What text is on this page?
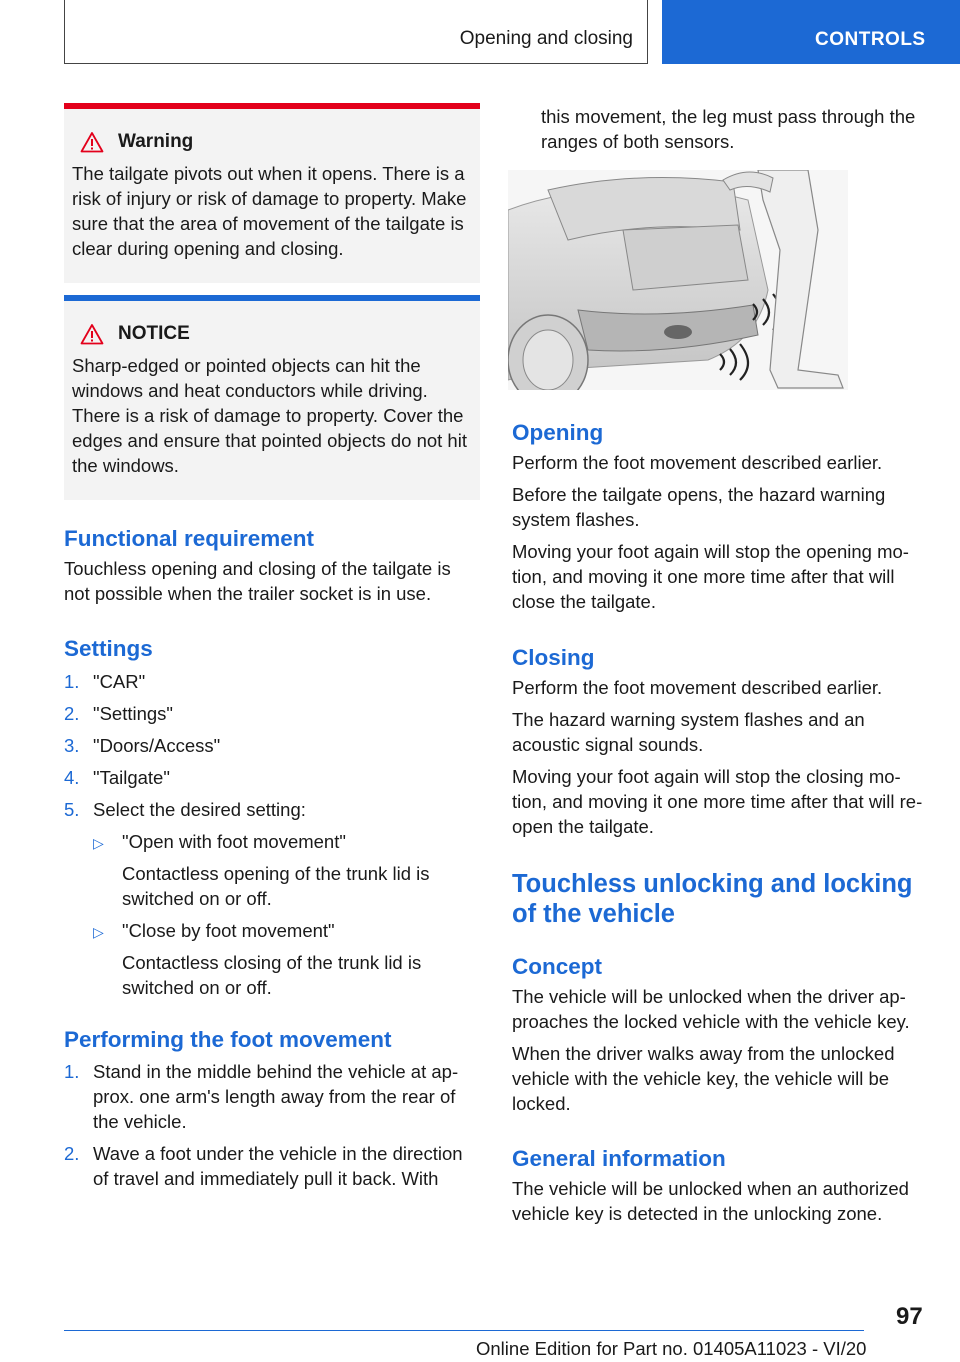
Opening and closing	CONTROLS
Warning
The tailgate pivots out when it opens. There is a risk of injury or risk of damage to property. Make sure that the area of movement of the tailgate is clear during opening and closing.
NOTICE
Sharp-edged or pointed objects can hit the windows and heat conductors while driving. There is a risk of damage to property. Cover the edges and ensure that pointed objects do not hit the windows.
Functional requirement

Touchless opening and closing of the tailgate is not possible when the trailer socket is in use.

Settings
1. "CAR"
2. "Settings"
3. "Doors/Access"
4. "Tailgate"
5. Select the desired setting:
▷ "Open with foot movement"
Contactless opening of the trunk lid is switched on or off.
▷ "Close by foot movement"
Contactless closing of the trunk lid is switched on or off.
Performing the foot movement
1. Stand in the middle behind the vehicle at ap- prox. one arm's length away from the rear of the vehicle.
2. Wave a foot under the vehicle in the direction of travel and immediately pull it back. With

this movement, the leg must pass through the ranges of both sensors.

Opening

Perform the foot movement described earlier.

Before the tailgate opens, the hazard warning system flashes.

Moving your foot again will stop the opening mo- tion, and moving it one more time after that will close the tailgate.

Closing

Perform the foot movement described earlier.

The hazard warning system flashes and an acoustic signal sounds.

Moving your foot again will stop the closing mo- tion, and moving it one more time after that will re-open the tailgate.

Touchless unlocking and locking of the vehicle
Concept

The vehicle will be unlocked when the driver ap- proaches the locked vehicle with the vehicle key.

When the driver walks away from the unlocked vehicle with the vehicle key, the vehicle will be locked.

General information

The vehicle will be unlocked when an authorized vehicle key is detected in the unlocking zone.

97
Online Edition for Part no. 01405A11023 - VI/20
